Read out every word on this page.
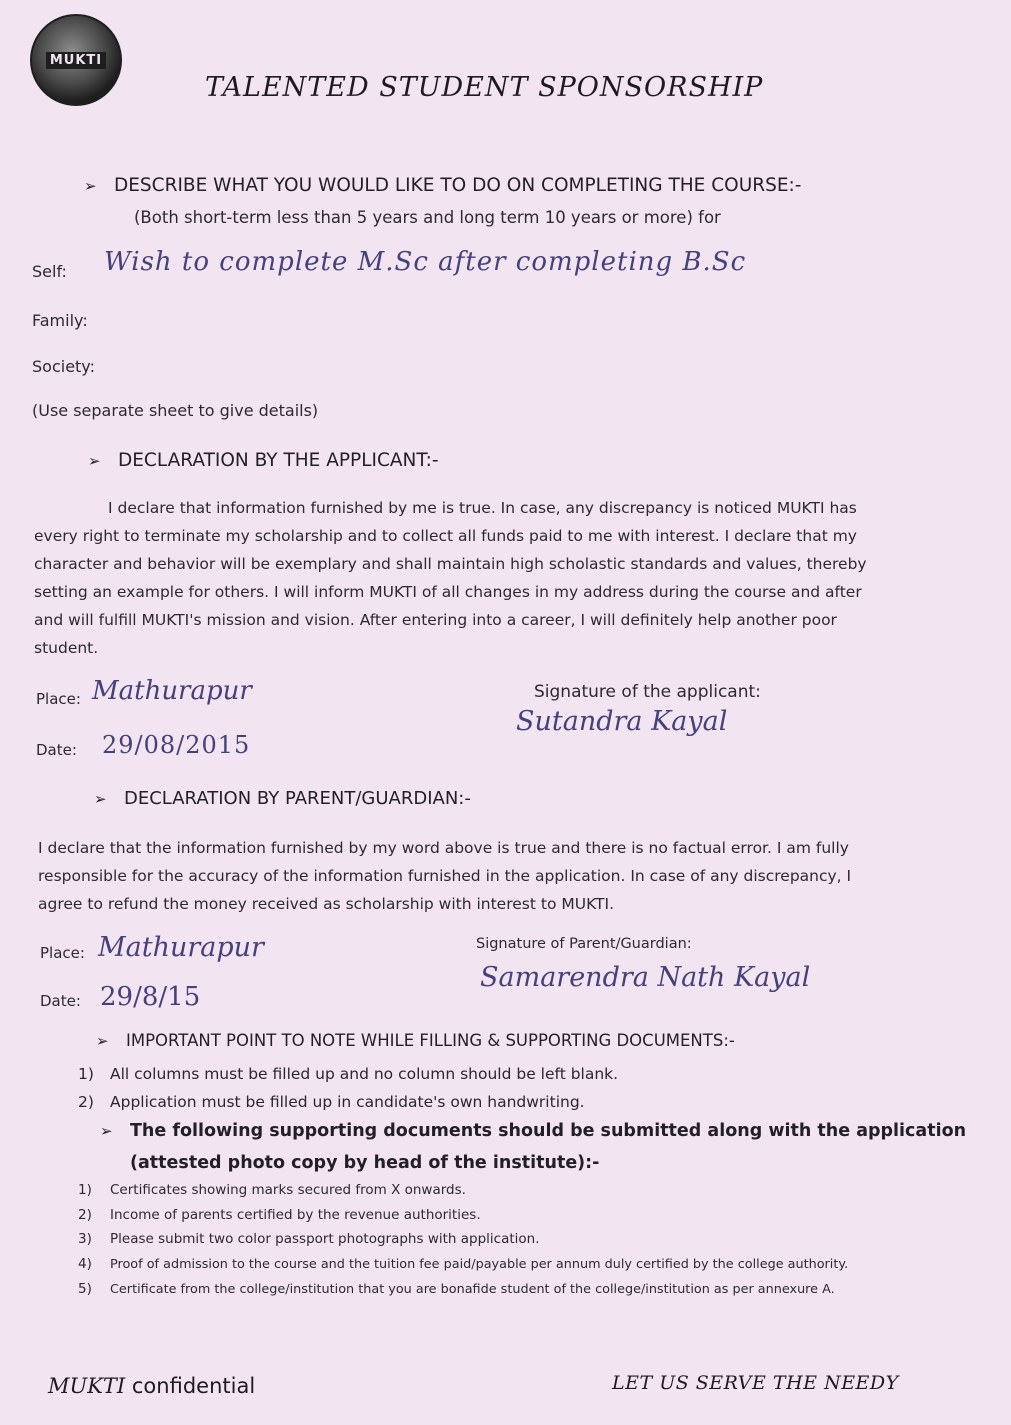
MUKTI
TALENTED STUDENT SPONSORSHIP
➢ DESCRIBE WHAT YOU WOULD LIKE TO DO ON COMPLETING THE COURSE:-
(Both short-term less than 5 years and long term 10 years or more) for
Self: Wish to complete M.Sc after completing B.Sc
Family:
Society:
(Use separate sheet to give details)
➢ DECLARATION BY THE APPLICANT:-
I declare that information furnished by me is true. In case, any discrepancy is noticed MUKTI has
every right to terminate my scholarship and to collect all funds paid to me with interest. I declare that my
character and behavior will be exemplary and shall maintain high scholastic standards and values, thereby
setting an example for others. I will inform MUKTI of all changes in my address during the course and after
and will fulfill MUKTI's mission and vision. After entering into a career, I will definitely help another poor
student.
Place: Mathurapur
Date: 29/08/2015
Signature of the applicant:
Sutandra Kayal
➢ DECLARATION BY PARENT/GUARDIAN:-
I declare that the information furnished by my word above is true and there is no factual error. I am fully
responsible for the accuracy of the information furnished in the application. In case of any discrepancy, I
agree to refund the money received as scholarship with interest to MUKTI.
Place: Mathurapur
Date: 29/8/15
Signature of Parent/Guardian:
Samarendra Nath Kayal
➢ IMPORTANT POINT TO NOTE WHILE FILLING & SUPPORTING DOCUMENTS:-
1) All columns must be filled up and no column should be left blank.
2) Application must be filled up in candidate's own handwriting.
➢ The following supporting documents should be submitted along with the application
(attested photo copy by head of the institute):-
1) Certificates showing marks secured from X onwards.
2) Income of parents certified by the revenue authorities.
3) Please submit two color passport photographs with application.
4) Proof of admission to the course and the tuition fee paid/payable per annum duly certified by the college authority.
5) Certificate from the college/institution that you are bonafide student of the college/institution as per annexure A.
MUKTI confidential	LET US SERVE THE NEEDY
